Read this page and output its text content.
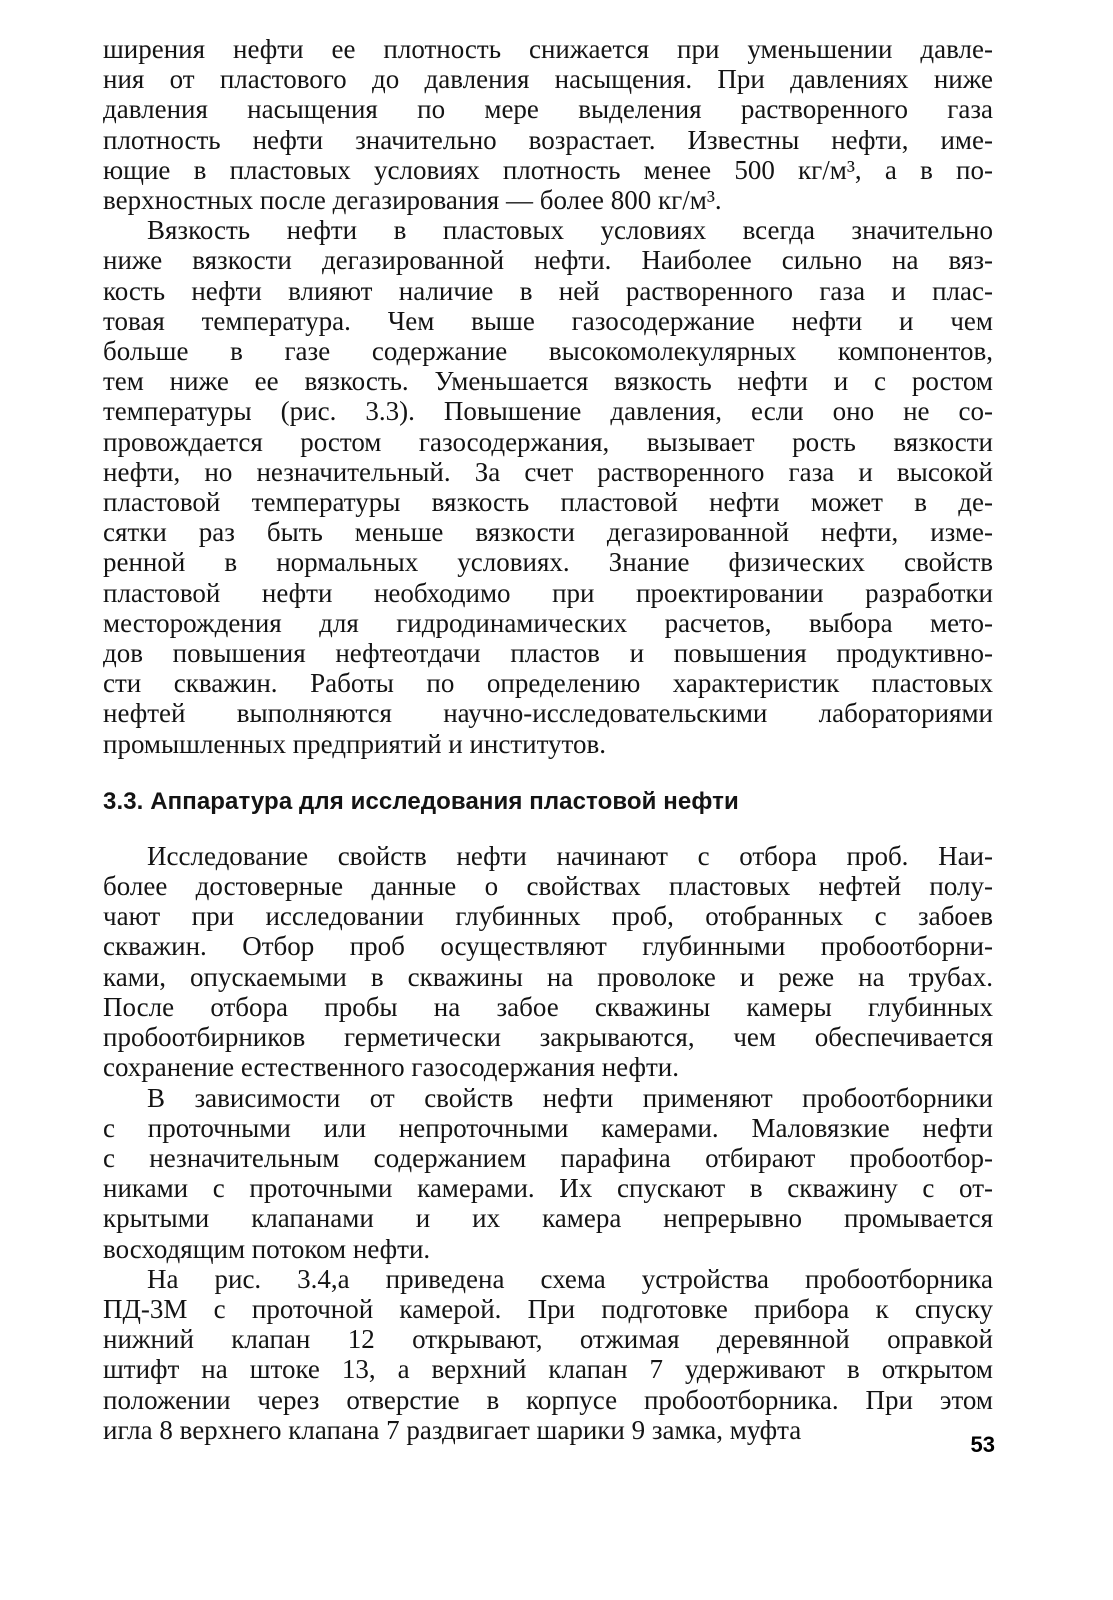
ширения нефти ее плотность снижается при уменьшении давле-
ния от пластового до давления насыщения. При давлениях ниже
давления насыщения по мере выделения растворенного газа
плотность нефти значительно возрастает. Известны нефти, име-
ющие в пластовых условиях плотность менее 500 кг/м³, а в по-
верхностных после дегазирования — более 800 кг/м³.
Вязкость нефти в пластовых условиях всегда значительно
ниже вязкости дегазированной нефти. Наиболее сильно на вяз-
кость нефти влияют наличие в ней растворенного газа и плас-
товая температура. Чем выше газосодержание нефти и чем
больше в газе содержание высокомолекулярных компонентов,
тем ниже ее вязкость. Уменьшается вязкость нефти и с ростом
температуры (рис. 3.3). Повышение давления, если оно не со-
провождается ростом газосодержания, вызывает рость вязкости
нефти, но незначительный. За счет растворенного газа и высокой
пластовой температуры вязкость пластовой нефти может в де-
сятки раз быть меньше вязкости дегазированной нефти, изме-
ренной в нормальных условиях. Знание физических свойств
пластовой нефти необходимо при проектировании разработки
месторождения для гидродинамических расчетов, выбора мето-
дов повышения нефтеотдачи пластов и повышения продуктивно-
сти скважин. Работы по определению характеристик пластовых
нефтей выполняются научно-исследовательскими лабораториями
промышленных предприятий и институтов.
3.3. Аппаратура для исследования пластовой нефти
Исследование свойств нефти начинают с отбора проб. Наи-
более достоверные данные о свойствах пластовых нефтей полу-
чают при исследовании глубинных проб, отобранных с забоев
скважин. Отбор проб осуществляют глубинными пробоотборни-
ками, опускаемыми в скважины на проволоке и реже на трубах.
После отбора пробы на забое скважины камеры глубинных
пробоотбирников герметически закрываются, чем обеспечивается
сохранение естественного газосодержания нефти.
В зависимости от свойств нефти применяют пробоотборники
с проточными или непроточными камерами. Маловязкие нефти
с незначительным содержанием парафина отбирают пробоотбор-
никами с проточными камерами. Их спускают в скважину с от-
крытыми клапанами и их камера непрерывно промывается
восходящим потоком нефти.
На рис. 3.4,а приведена схема устройства пробоотборника
ПД-3М с проточной камерой. При подготовке прибора к спуску
нижний клапан 12 открывают, отжимая деревянной оправкой
штифт на штоке 13, а верхний клапан 7 удерживают в открытом
положении через отверстие в корпусе пробоотборника. При этом
игла 8 верхнего клапана 7 раздвигает шарики 9 замка, муфта	53
